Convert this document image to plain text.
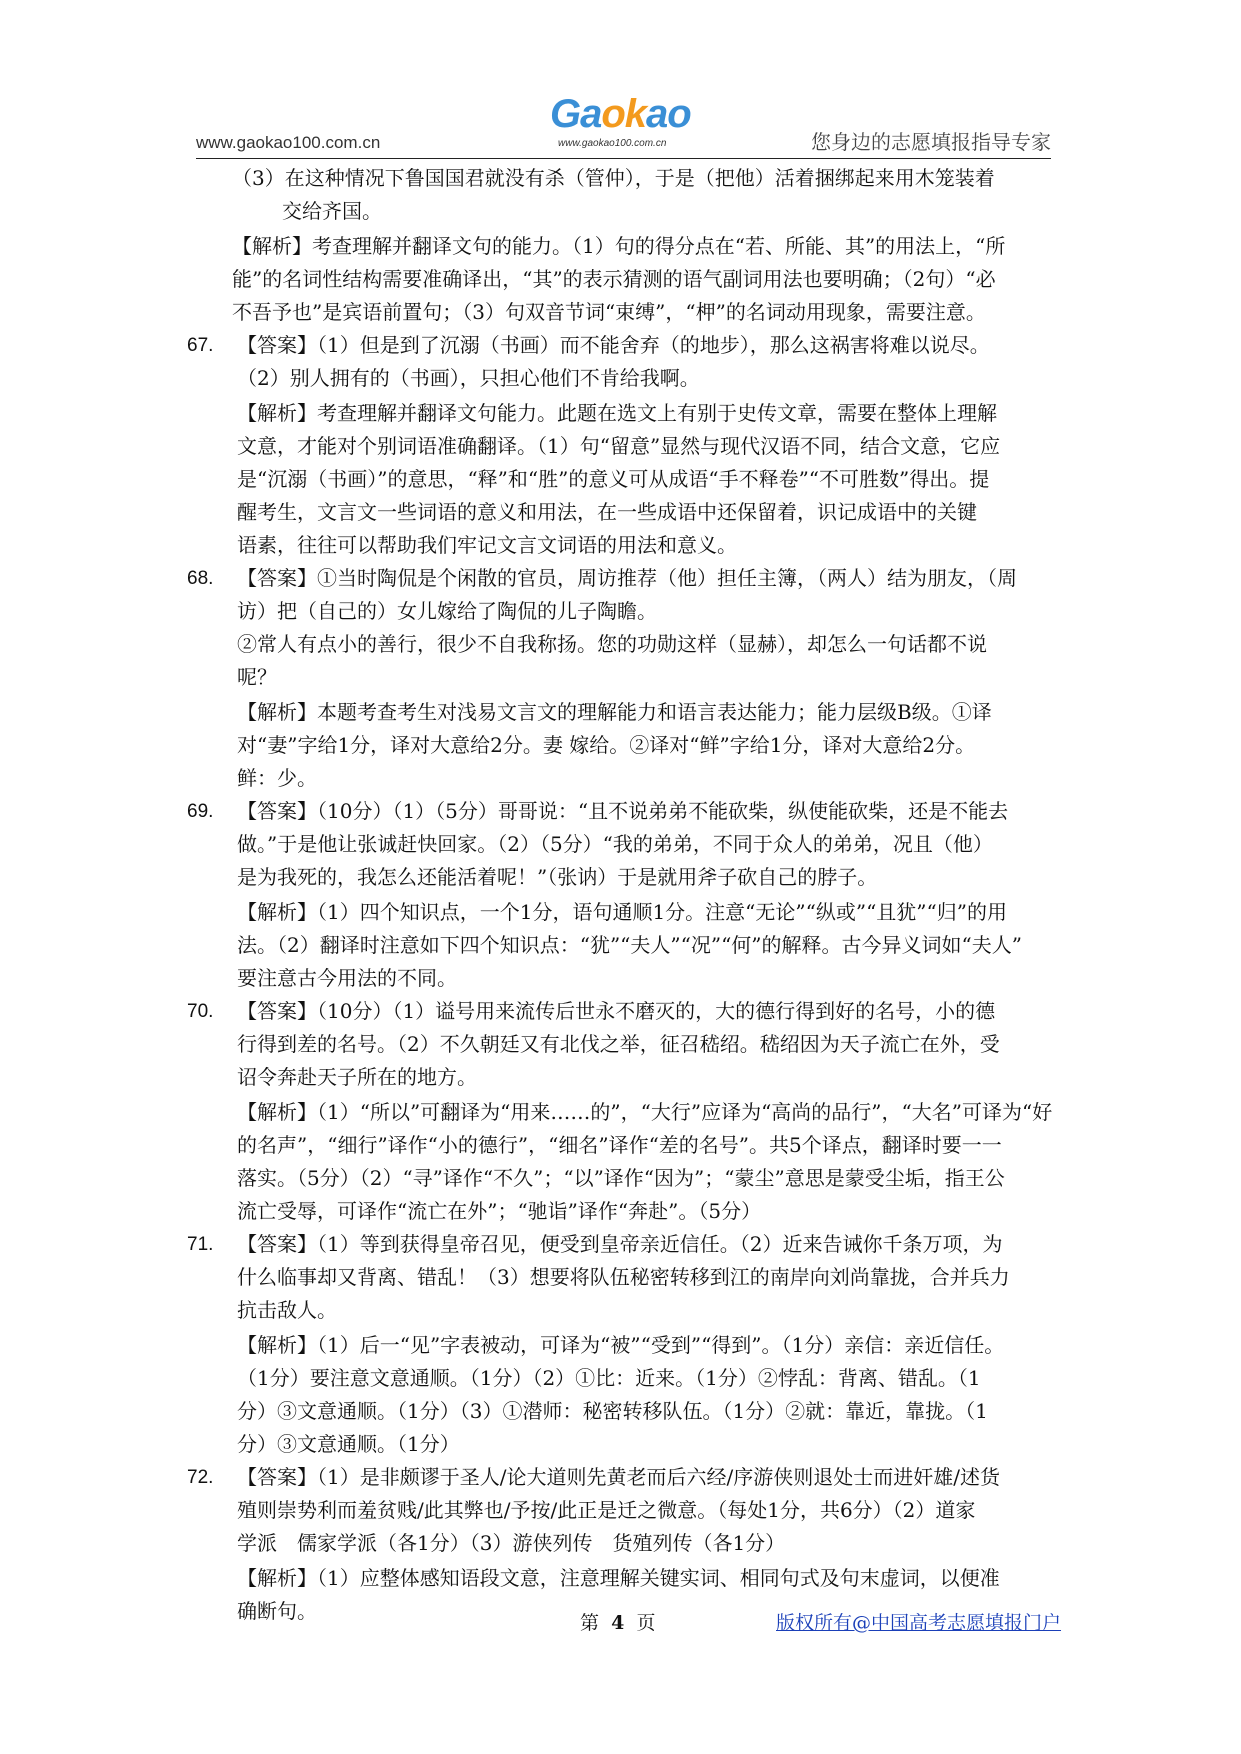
www.gaokao100.com.cn	您身边的志愿填报指导专家
Gaokao
www.gaokao100.com.cn
（3）在这种情况下鲁国国君就没有杀（管仲），于是（把他）活着捆绑起来用木笼装着
交给齐国。
【解析】考查理解并翻译文句的能力。（1）句的得分点在“若、所能、其”的用法上，“所
能”的名词性结构需要准确译出，“其”的表示猜测的语气副词用法也要明确；（2句）“必
不吾予也”是宾语前置句；（3）句双音节词“束缚”，“柙”的名词动用现象，需要注意。
67. 【答案】（1）但是到了沉溺（书画）而不能舍弃（的地步），那么这祸害将难以说尽。
（2）别人拥有的（书画），只担心他们不肯给我啊。
【解析】考查理解并翻译文句能力。此题在选文上有别于史传文章，需要在整体上理解
文意，才能对个别词语准确翻译。（1）句“留意”显然与现代汉语不同，结合文意，它应
是“沉溺（书画）”的意思，“释”和“胜”的意义可从成语“手不释卷”“不可胜数”得出。提
醒考生，文言文一些词语的意义和用法，在一些成语中还保留着，识记成语中的关键
语素，往往可以帮助我们牢记文言文词语的用法和意义。
68. 【答案】①当时陶侃是个闲散的官员，周访推荐（他）担任主簿，（两人）结为朋友，（周
访）把（自己的）女儿嫁给了陶侃的儿子陶瞻。
②常人有点小的善行，很少不自我称扬。您的功勋这样（显赫），却怎么一句话都不说
呢？
【解析】本题考查考生对浅易文言文的理解能力和语言表达能力；能力层级B级。①译
对“妻”字给1分，译对大意给2分。妻 嫁给。②译对“鲜”字给1分，译对大意给2分。
鲜：少。
69. 【答案】（10分）（1）（5分）哥哥说：“且不说弟弟不能砍柴，纵使能砍柴，还是不能去
做。”于是他让张诚赶快回家。（2）（5分）“我的弟弟，不同于众人的弟弟，况且（他）
是为我死的，我怎么还能活着呢！”（张讷）于是就用斧子砍自己的脖子。
【解析】（1）四个知识点，一个1分，语句通顺1分。注意“无论”“纵或”“且犹”“归”的用
法。（2）翻译时注意如下四个知识点：“犹”“夫人”“况”“何”的解释。古今异义词如“夫人”
要注意古今用法的不同。
70. 【答案】（10分）（1）谥号用来流传后世永不磨灭的，大的德行得到好的名号，小的德
行得到差的名号。（2）不久朝廷又有北伐之举，征召嵇绍。嵇绍因为天子流亡在外，受
诏令奔赴天子所在的地方。
【解析】（1）“所以”可翻译为“用来……的”，“大行”应译为“高尚的品行”，“大名”可译为“好
的名声”，“细行”译作“小的德行”，“细名”译作“差的名号”。共5个译点，翻译时要一一
落实。（5分）（2）“寻”译作“不久”；“以”译作“因为”；“蒙尘”意思是蒙受尘垢，指王公
流亡受辱，可译作“流亡在外”；“驰诣”译作“奔赴”。（5分）
71. 【答案】（1）等到获得皇帝召见，便受到皇帝亲近信任。（2）近来告诫你千条万项，为
什么临事却又背离、错乱！（3）想要将队伍秘密转移到江的南岸向刘尚靠拢，合并兵力
抗击敌人。
【解析】（1）后一“见”字表被动，可译为“被”“受到”“得到”。（1分）亲信：亲近信任。
（1分）要注意文意通顺。（1分）（2）①比：近来。（1分）②悖乱：背离、错乱。（1
分）③文意通顺。（1分）（3）①潜师：秘密转移队伍。（1分）②就：靠近，靠拢。（1
分）③文意通顺。（1分）
72. 【答案】（1）是非颇谬于圣人/论大道则先黄老而后六经/序游侠则退处士而进奸雄/述货
殖则崇势利而羞贫贱/此其弊也/予按/此正是迁之微意。（每处1分，共6分）（2）道家
学派　儒家学派（各1分）（3）游侠列传　货殖列传（各1分）
【解析】（1）应整体感知语段文意，注意理解关键实词、相同句式及句末虚词，以便准
确断句。	第 4 页	版权所有@中国高考志愿填报门户
